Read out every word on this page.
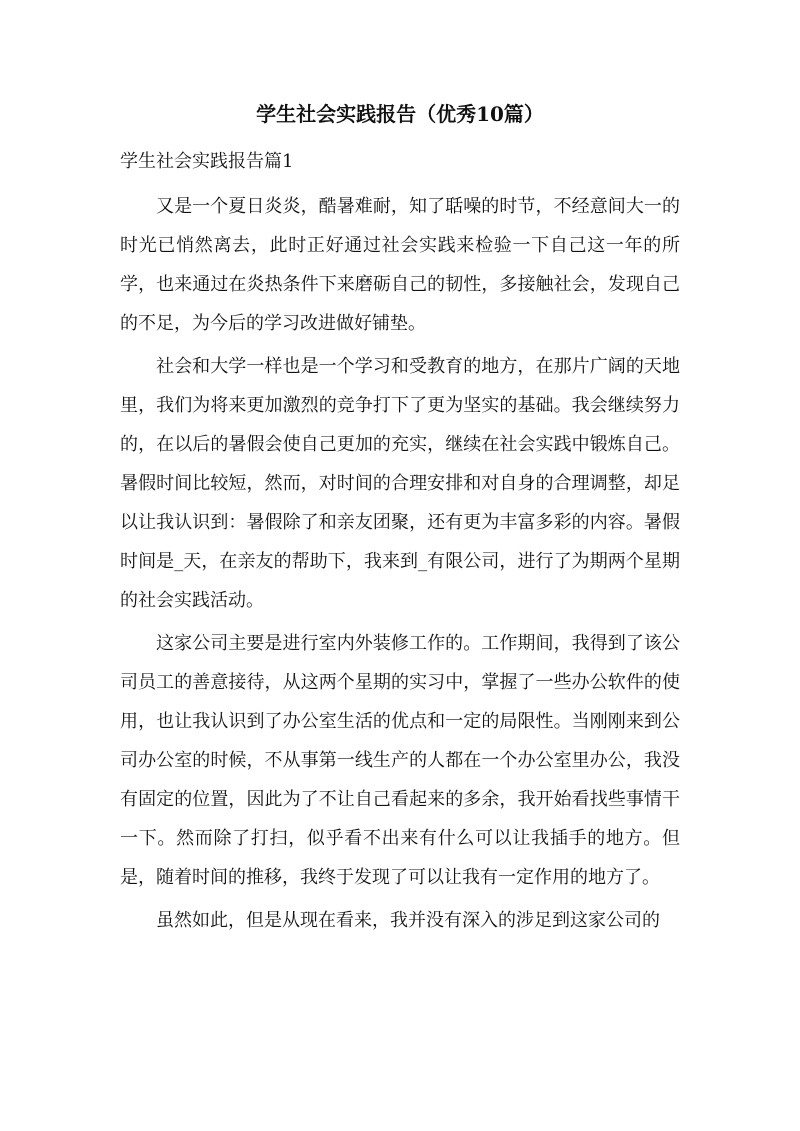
学生社会实践报告（优秀10篇）
学生社会实践报告篇1

又是一个夏日炎炎，酷暑难耐，知了聒噪的时节，不经意间大一的时光已悄然离去，此时正好通过社会实践来检验一下自己这一年的所学，也来通过在炎热条件下来磨砺自己的韧性，多接触社会，发现自己的不足，为今后的学习改进做好铺垫。

社会和大学一样也是一个学习和受教育的地方，在那片广阔的天地里，我们为将来更加激烈的竞争打下了更为坚实的基础。我会继续努力的，在以后的暑假会使自己更加的充实，继续在社会实践中锻炼自己。暑假时间比较短，然而，对时间的合理安排和对自身的合理调整，却足以让我认识到：暑假除了和亲友团聚，还有更为丰富多彩的内容。暑假时间是_天，在亲友的帮助下，我来到_有限公司，进行了为期两个星期的社会实践活动。

这家公司主要是进行室内外装修工作的。工作期间，我得到了该公司员工的善意接待，从这两个星期的实习中，掌握了一些办公软件的使用，也让我认识到了办公室生活的优点和一定的局限性。当刚刚来到公司办公室的时候，不从事第一线生产的人都在一个办公室里办公，我没有固定的位置，因此为了不让自己看起来的多余，我开始看找些事情干一下。然而除了打扫，似乎看不出来有什么可以让我插手的地方。但是，随着时间的推移，我终于发现了可以让我有一定作用的地方了。

虽然如此，但是从现在看来，我并没有深入的涉足到这家公司的
